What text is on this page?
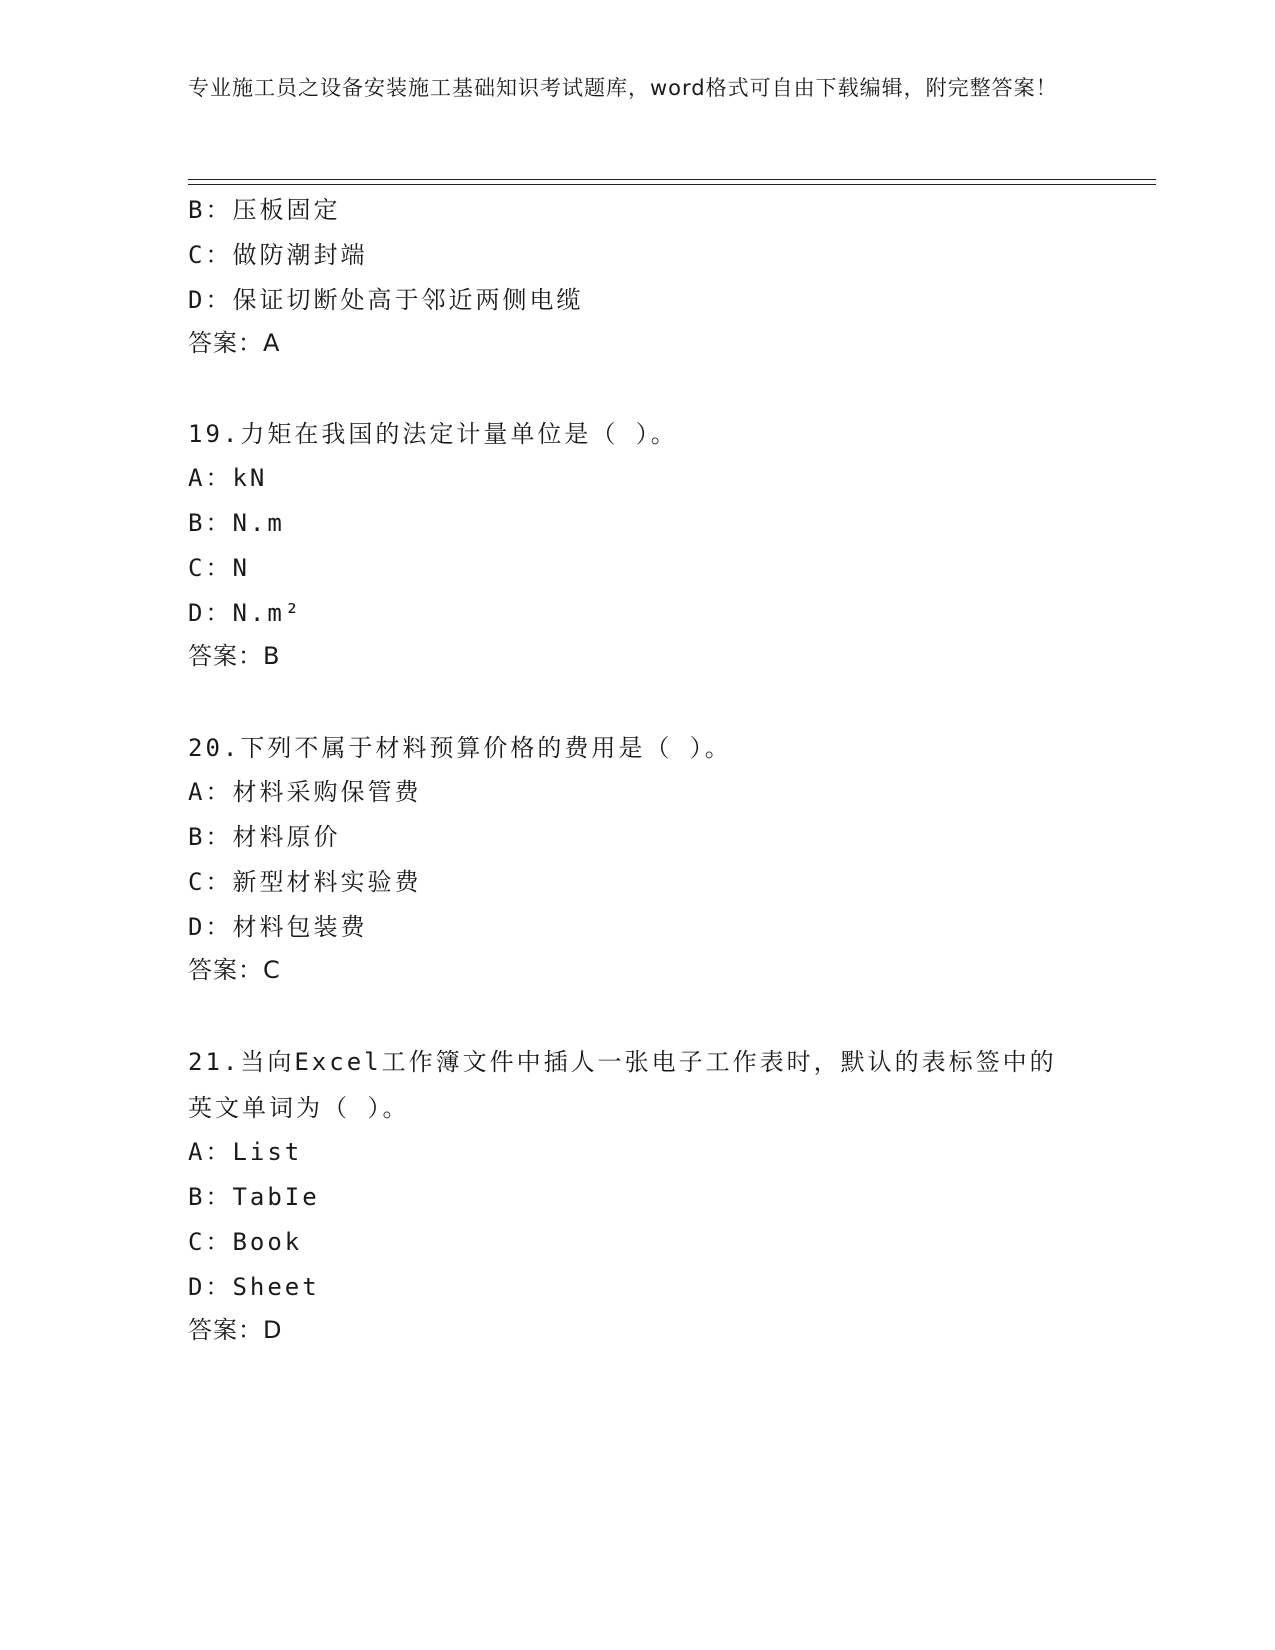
专业施工员之设备安装施工基础知识考试题库，word格式可自由下载编辑，附完整答案！
B：压板固定
C：做防潮封端
D：保证切断处高于邻近两侧电缆
答案：A
19.力矩在我国的法定计量单位是（ ）。
A：kN
B：N.m
C：N
D：N.m²
答案：B
20.下列不属于材料预算价格的费用是（ ）。
A：材料采购保管费
B：材料原价
C：新型材料实验费
D：材料包装费
答案：C
21.当向Excel工作簿文件中插人一张电子工作表时，默认的表标签中的英文单词为（ ）。
A：List
B：TabIe
C：Book
D：Sheet
答案：D
